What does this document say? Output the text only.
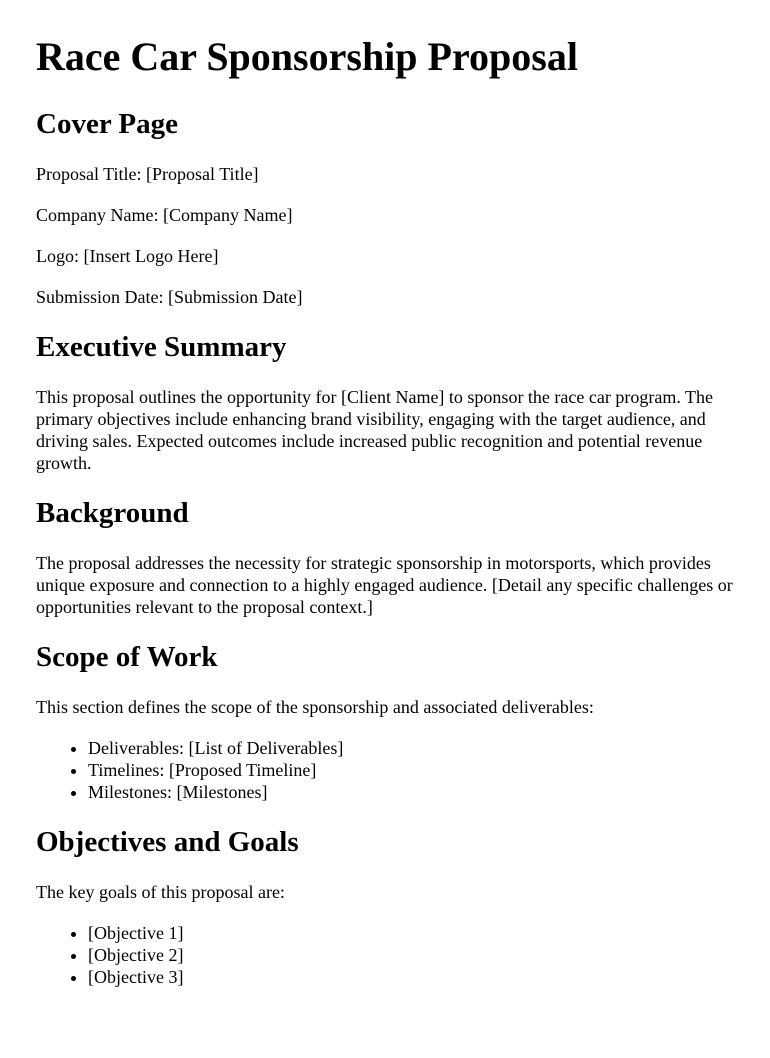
Race Car Sponsorship Proposal
Cover Page

Proposal Title: [Proposal Title]

Company Name: [Company Name]

Logo: [Insert Logo Here]

Submission Date: [Submission Date]

Executive Summary

This proposal outlines the opportunity for [Client Name] to sponsor the race car program. The primary objectives include enhancing brand visibility, engaging with the target audience, and driving sales. Expected outcomes include increased public recognition and potential revenue growth.

Background

The proposal addresses the necessity for strategic sponsorship in motorsports, which provides unique exposure and connection to a highly engaged audience. [Detail any specific challenges or opportunities relevant to the proposal context.]

Scope of Work

This section defines the scope of the sponsorship and associated deliverables:

• Deliverables: [List of Deliverables]
• Timelines: [Proposed Timeline]
• Milestones: [Milestones]
Objectives and Goals

The key goals of this proposal are:

• [Objective 1]
• [Objective 2]
• [Objective 3]
